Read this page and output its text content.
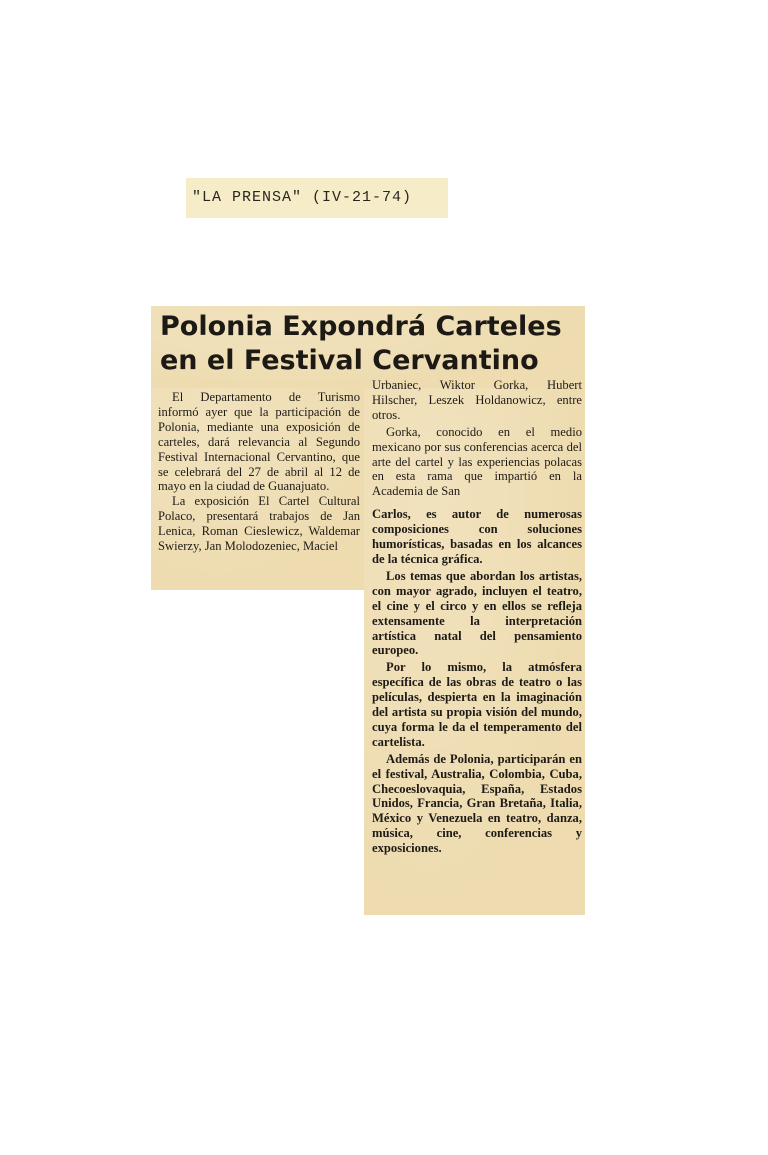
"LA PRENSA" (IV-21-74)
Polonia Expondrá Carteles
en el Festival Cervantino

El Departamento de Turismo informó ayer que la participación de Polonia, mediante una exposición de carteles, dará relevancia al Segundo Festival Internacional Cervantino, que se celebrará del 27 de abril al 12 de mayo en la ciudad de Guanajuato.

La exposición El Cartel Cultural Polaco, presentará trabajos de Jan Lenica, Roman Cieslewicz, Waldemar Swierzy, Jan Molodozeniec, Maciel

Urbaniec, Wiktor Gorka, Hubert Hilscher, Leszek Holdanowicz, entre otros.

Gorka, conocido en el medio mexicano por sus conferencias acerca del arte del cartel y las experiencias polacas en esta rama que impartió en la Academia de San

Carlos, es autor de numerosas composiciones con soluciones humorísticas, basadas en los alcances de la técnica gráfica.

Los temas que abordan los artistas, con mayor agrado, incluyen el teatro, el cine y el circo y en ellos se refleja extensamente la interpretación artística natal del pensamiento europeo.

Por lo mismo, la atmósfera específica de las obras de teatro o las películas, despierta en la imaginación del artista su propia visión del mundo, cuya forma le da el temperamento del cartelista.

Además de Polonia, participarán en el festival, Australia, Colombia, Cuba, Checoeslovaquia, España, Estados Unidos, Francia, Gran Bretaña, Italia, México y Venezuela en teatro, danza, música, cine, conferencias y exposiciones.
